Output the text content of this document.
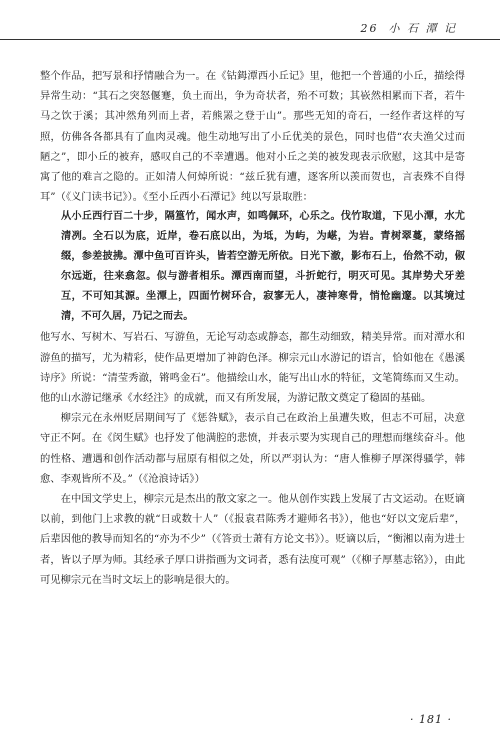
26 小 石 潭 记

整个作品，把写景和抒情融合为一。在《钴鉧潭西小丘记》里，他把一个普通的小丘，描绘得异常生动：“其石之突怒偃蹇，负土而出，争为奇状者，殆不可数；其嵚然相累而下者，若牛马之饮于溪；其冲然角列而上者，若熊罴之登于山”。那些无知的奇石，一经作者这样的写照，仿佛各各都具有了血肉灵魂。他生动地写出了小丘优美的景色，同时也借“农夫渔父过而陋之”，即小丘的被弃，感叹自己的不幸遭遇。他对小丘之美的被发现表示欣慰，这其中是寄寓了他的难言之隐的。正如清人何焯所说：“兹丘犹有遭，逐客所以羡而贺也，言表殊不自得耳”（《义门读书记》）。《至小丘西小石潭记》纯以写景取胜：

从小丘西行百二十步，隔篁竹，闻水声，如鸣佩环，心乐之。伐竹取道，下见小潭，水尤清冽。全石以为底，近岸，卷石底以出，为坻，为屿，为嵁，为岩。青树翠蔓，蒙络摇缀，参差披拂。潭中鱼可百许头，皆若空游无所依。日光下澈，影布石上，佁然不动，俶尔远逝，往来翕忽。似与游者相乐。潭西南而望，斗折蛇行，明灭可见。其岸势犬牙差互，不可知其源。坐潭上，四面竹树环合，寂寥无人，凄神寒骨，悄怆幽邃。以其境过清，不可久居，乃记之而去。

他写水、写树木、写岩石、写游鱼，无论写动态或静态，都生动细致，精美异常。而对潭水和游鱼的描写，尤为精彩，使作品更增加了神韵色泽。柳宗元山水游记的语言，恰如他在《愚溪诗序》所说：“清莹秀澈，锵鸣金石”。他描绘山水，能写出山水的特征，文笔简练而又生动。他的山水游记继承《水经注》的成就，而又有所发展，为游记散文奠定了稳固的基础。

柳宗元在永州贬居期间写了《惩咎赋》，表示自己在政治上虽遭失败，但志不可屈，决意守正不阿。在《闵生赋》也抒发了他满腔的悲愤，并表示要为实现自己的理想而继续奋斗。他的性格、遭遇和创作活动都与屈原有相似之处，所以严羽认为：“唐人惟柳子厚深得骚学，韩愈、李观皆所不及。”（《沧浪诗话》）

在中国文学史上，柳宗元是杰出的散文家之一。他从创作实践上发展了古文运动。在贬谪以前，到他门上求教的就“日或数十人”（《报袁君陈秀才避师名书》），他也“好以文宠后辈”，后辈因他的教导而知名的“亦为不少”（《答贡士萧有方论文书》）。贬谪以后，“衡湘以南为进士者，皆以子厚为师。其经承子厚口讲指画为文词者，悉有法度可观”（《柳子厚墓志铭》），由此可见柳宗元在当时文坛上的影响是很大的。

· 181 ·
